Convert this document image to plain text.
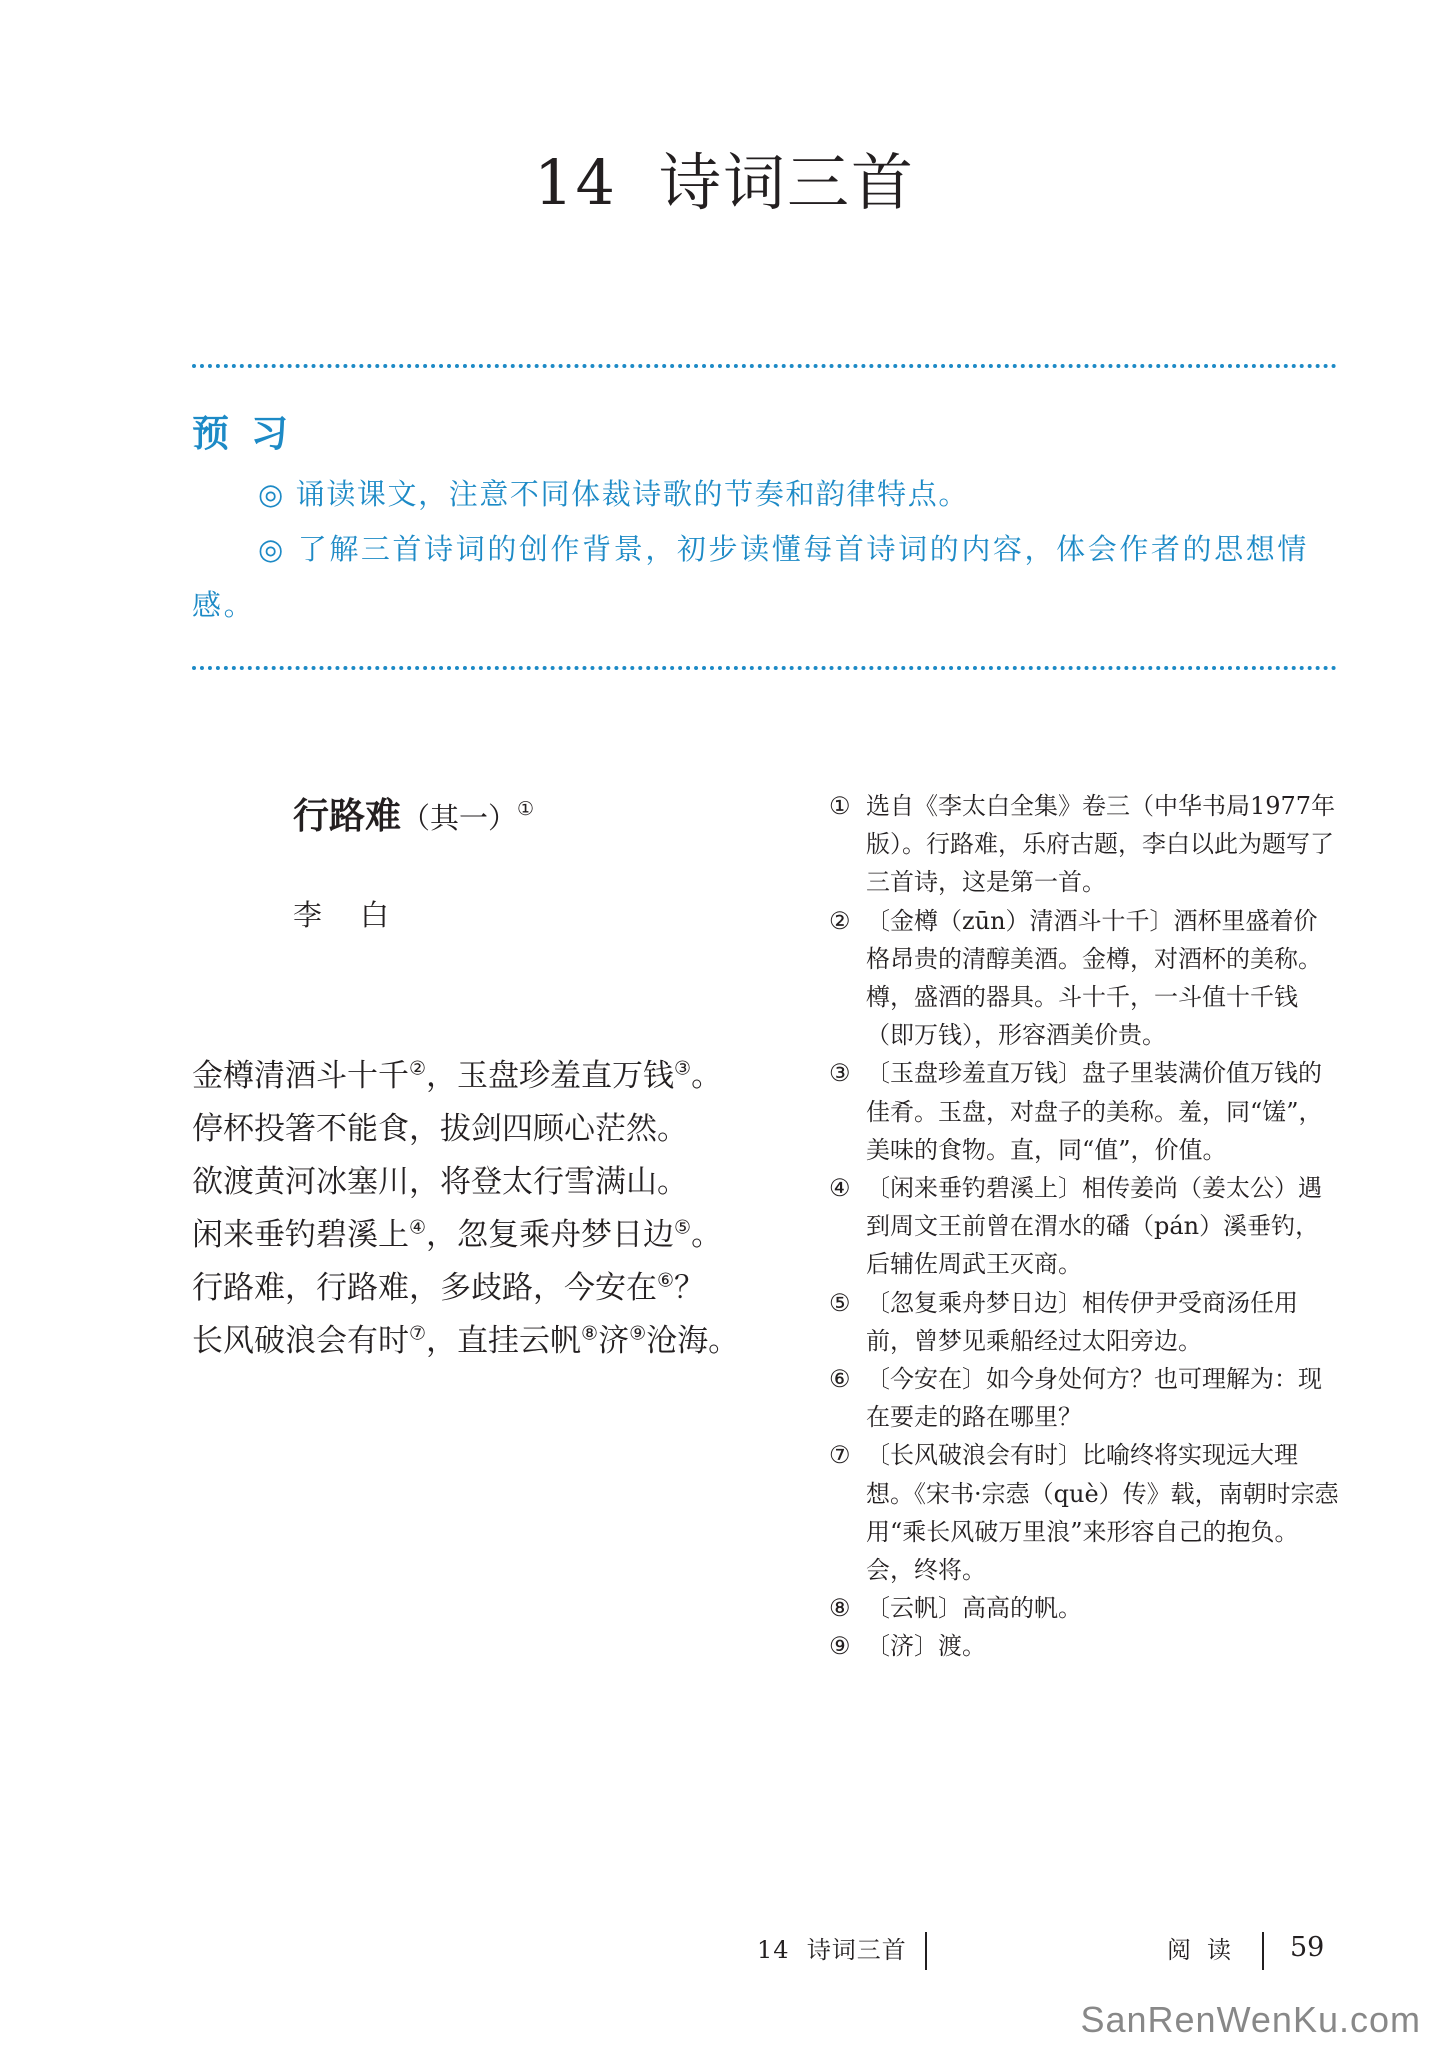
14 诗词三首
预习
◎ 诵读课文，注意不同体裁诗歌的节奏和韵律特点。
◎ 了解三首诗词的创作背景，初步读懂每首诗词的内容，体会作者的思想情感。
行路难（其一）①
李白
金樽清酒斗十千②，玉盘珍羞直万钱③。
停杯投箸不能食，拔剑四顾心茫然。
欲渡黄河冰塞川，将登太行雪满山。
闲来垂钓碧溪上④，忽复乘舟梦日边⑤。
行路难，行路难，多歧路，今安在⑥？
长风破浪会有时⑦，直挂云帆⑧济⑨沧海。
① 选自《李太白全集》卷三（中华书局1977年版）。行路难，乐府古题，李白以此为题写了三首诗，这是第一首。
② 〔金樽（zūn）清酒斗十千〕酒杯里盛着价格昂贵的清醇美酒。金樽，对酒杯的美称。樽，盛酒的器具。斗十千，一斗值十千钱（即万钱），形容酒美价贵。
③ 〔玉盘珍羞直万钱〕盘子里装满价值万钱的佳肴。玉盘，对盘子的美称。羞，同“馐”，美味的食物。直，同“值”，价值。
④ 〔闲来垂钓碧溪上〕相传姜尚（姜太公）遇到周文王前曾在渭水的磻（pán）溪垂钓，后辅佐周武王灭商。
⑤ 〔忽复乘舟梦日边〕相传伊尹受商汤任用前，曾梦见乘船经过太阳旁边。
⑥ 〔今安在〕如今身处何方？也可理解为：现在要走的路在哪里？
⑦ 〔长风破浪会有时〕比喻终将实现远大理想。《宋书·宗悫（què）传》载，南朝时宗悫用“乘长风破万里浪”来形容自己的抱负。会，终将。
⑧ 〔云帆〕高高的帆。
⑨ 〔济〕渡。
14 诗词三首	阅读 59
SanRenWenKu.com
